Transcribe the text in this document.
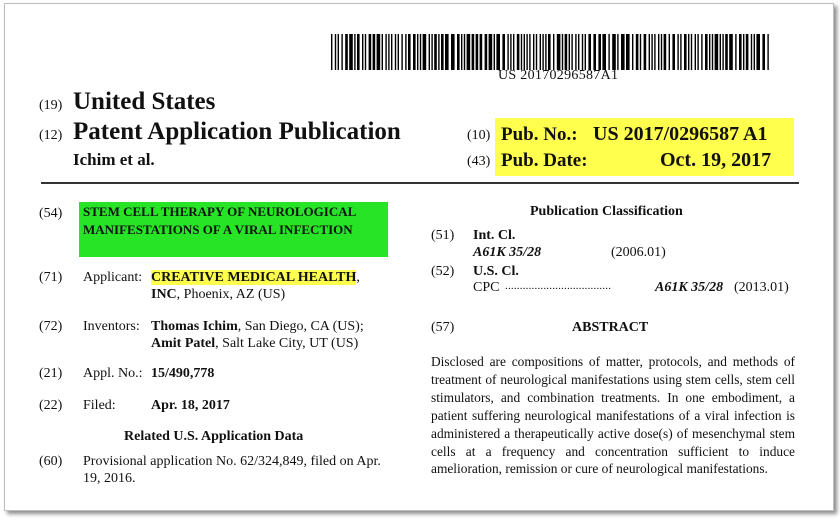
US 20170296587A1
(19) United States
(12) Patent Application Publication
Ichim et al.
(10) Pub. No.: US 2017/0296587 A1
(43) Pub. Date:	Oct. 19, 2017
(54)	STEM CELL THERAPY OF NEUROLOGICAL MANIFESTATIONS OF A VIRAL INFECTION
(71) Applicant: CREATIVE MEDICAL HEALTH,
INC, Phoenix, AZ (US)
(72) Inventors: Thomas Ichim, San Diego, CA (US);
Amit Patel, Salt Lake City, UT (US)
(21) Appl. No.: 15/490,778
(22) Filed:	Apr. 18, 2017
Related U.S. Application Data
(60) Provisional application No. 62/324,849, filed on Apr.
19, 2016.
Publication Classification
(51) Int. Cl.
A61K 35/28	(2006.01)
(52) U.S. Cl.
CPC ....................................	A61K 35/28 (2013.01)
(57)	ABSTRACT
Disclosed are compositions of matter, protocols, and methods of treatment of neurological manifestations using stem cells, stem cell stimulators, and combination treatments. In one embodiment, a patient suffering neurological manifestations of a viral infection is administered a therapeutically active dose(s) of mesenchymal stem cells at a frequency and concentration sufficient to induce amelioration, remission or cure of neurological manifestations.
